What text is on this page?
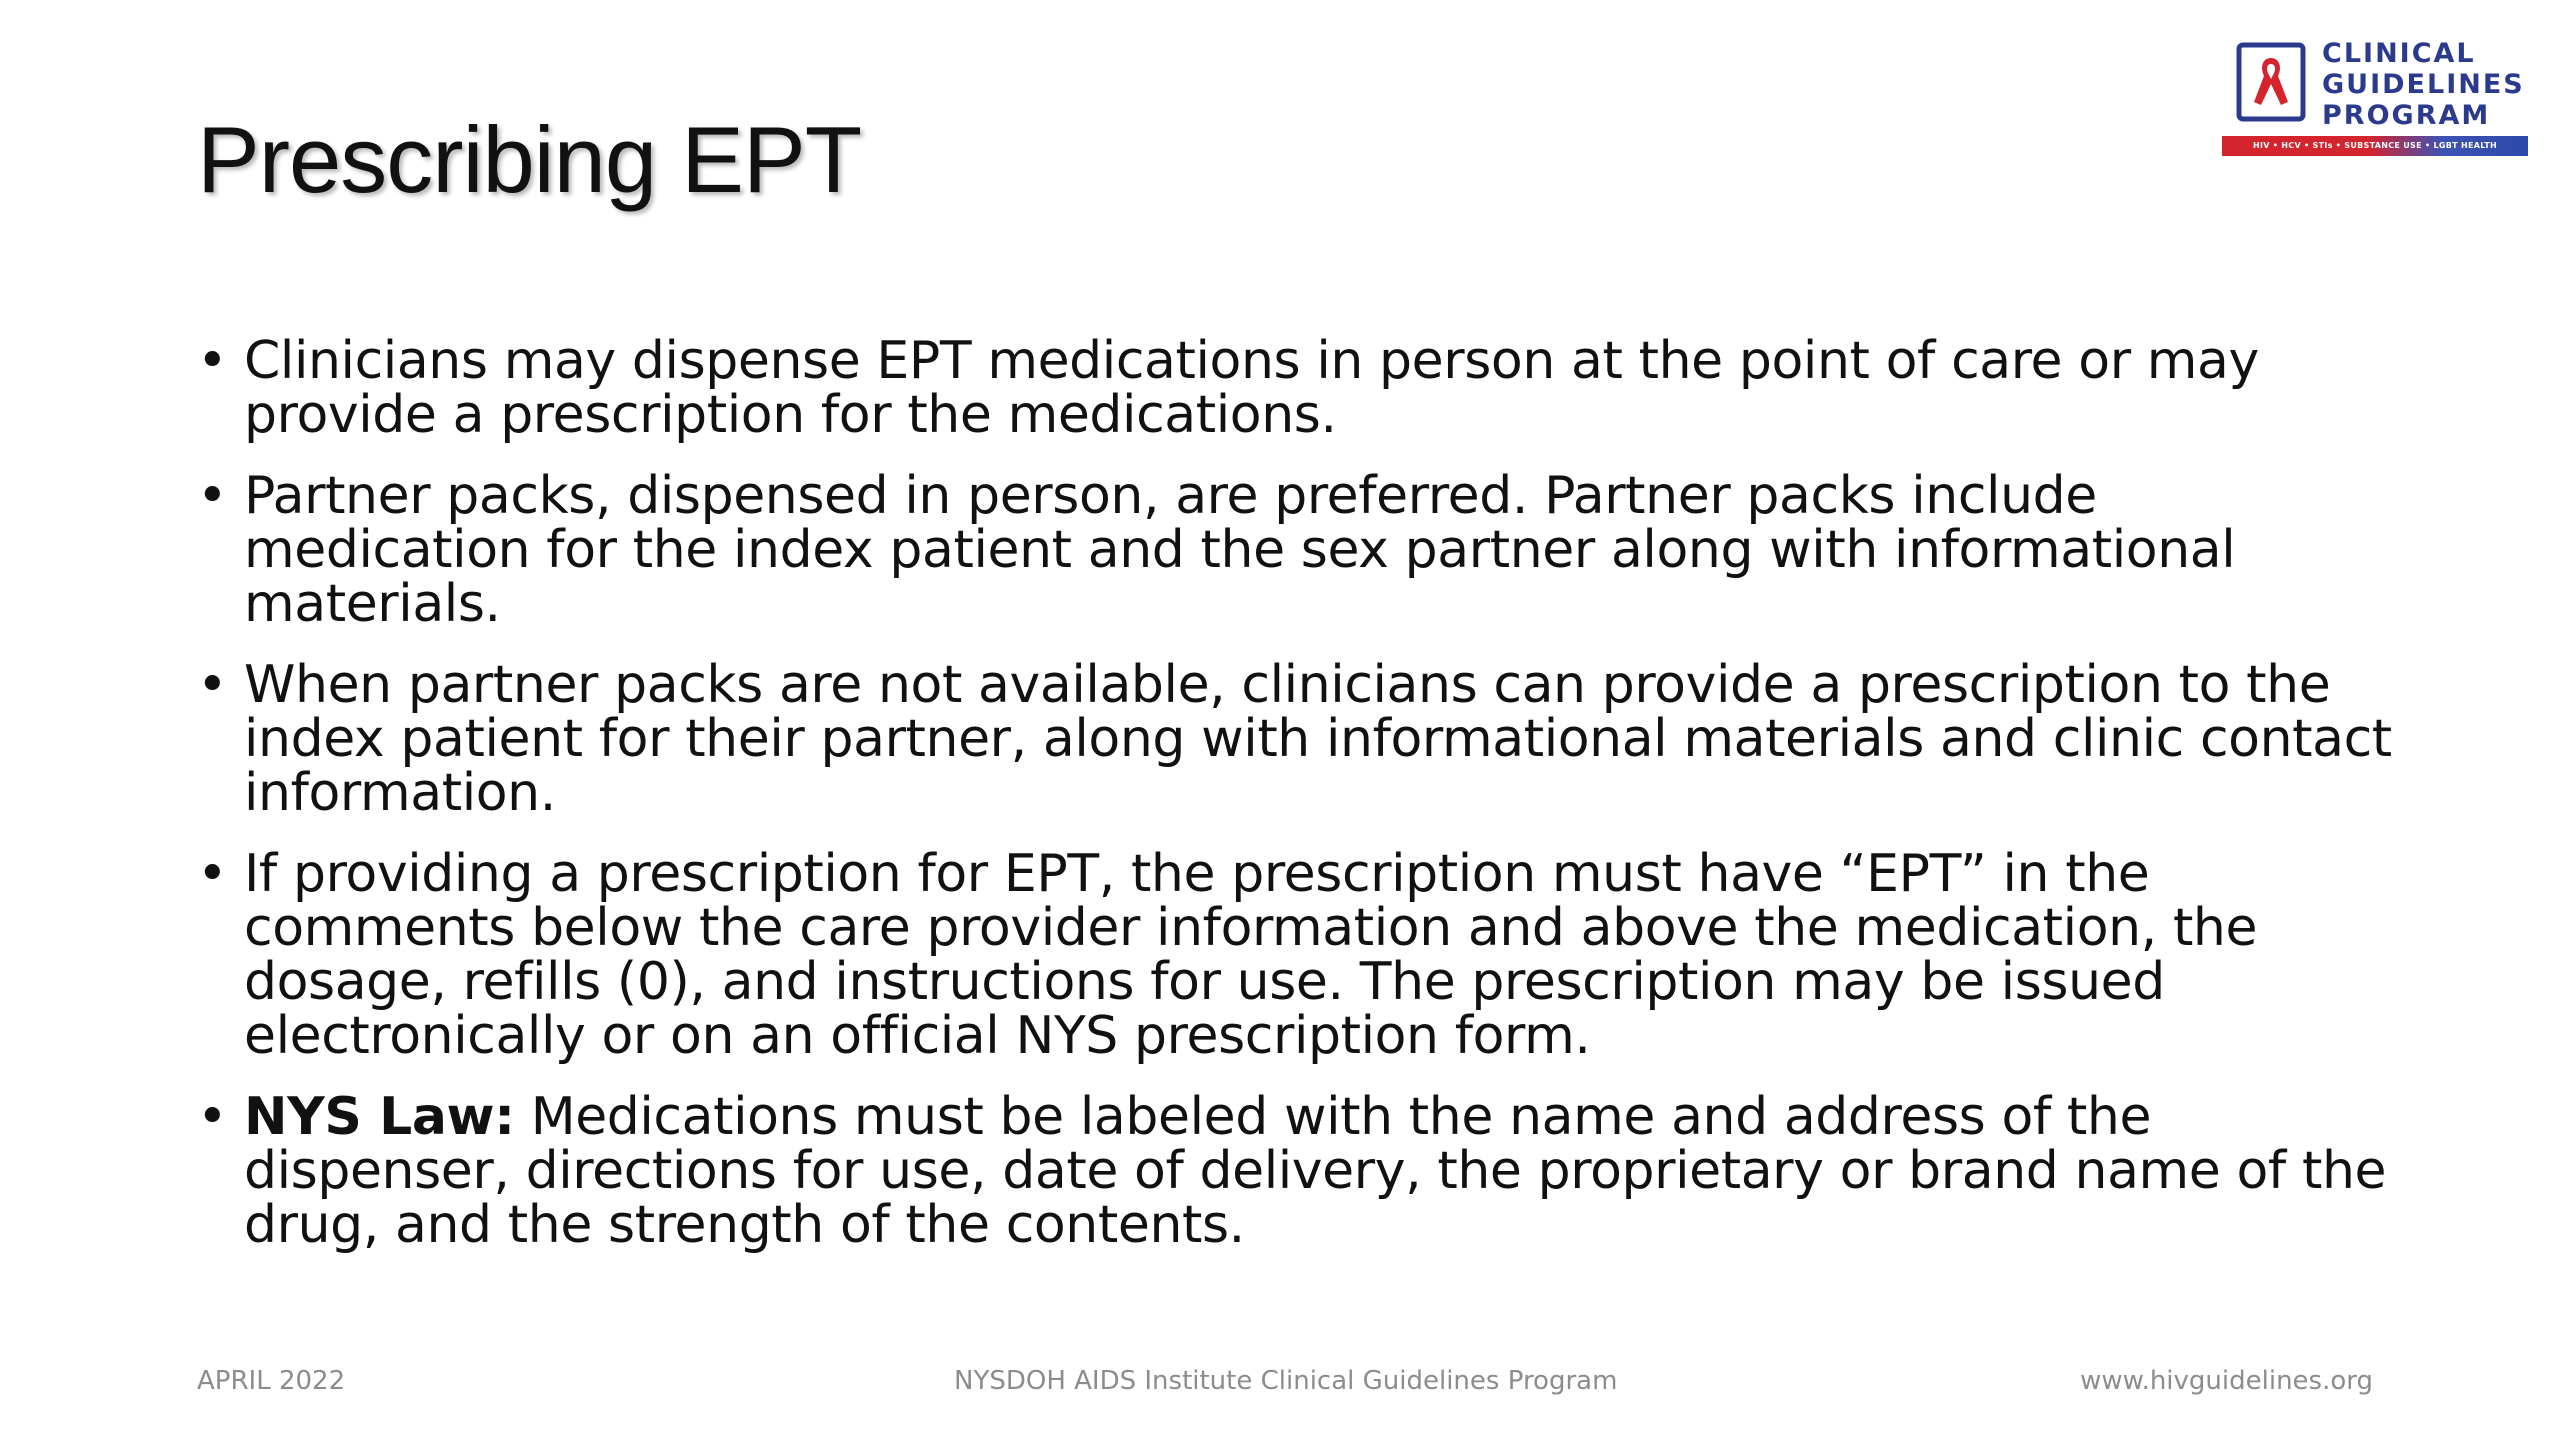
Prescribing EPT
CLINICAL
GUIDELINES
PROGRAM
HIV • HCV • STIs • SUBSTANCE USE • LGBT HEALTH
• Clinicians may dispense EPT medications in person at the point of care or may provide a prescription for the medications.
• Partner packs, dispensed in person, are preferred. Partner packs include medication for the index patient and the sex partner along with informational materials.
• When partner packs are not available, clinicians can provide a prescription to the index patient for their partner, along with informational materials and clinic contact information.
• If providing a prescription for EPT, the prescription must have “EPT” in the comments below the care provider information and above the medication, the dosage, refills (0), and instructions for use. The prescription may be issued electronically or on an official NYS prescription form.
• NYS Law: Medications must be labeled with the name and address of the dispenser, directions for use, date of delivery, the proprietary or brand name of the drug, and the strength of the contents.
APRIL 2022	NYSDOH AIDS Institute Clinical Guidelines Program	www.hivguidelines.org
